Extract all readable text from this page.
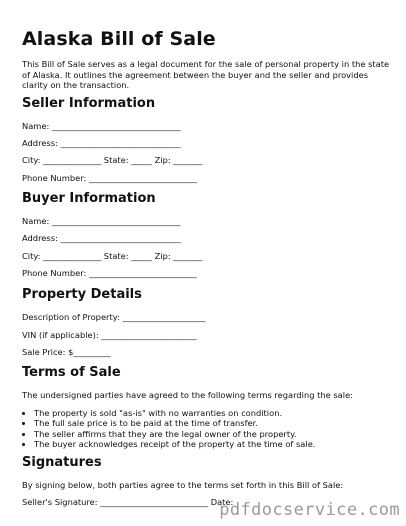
Alaska Bill of Sale

This Bill of Sale serves as a legal document for the sale of personal property in the state of Alaska. It outlines the agreement between the buyer and the seller and provides clarity on the transaction.

Seller Information

Name: _______________________________

Address: _____________________________

City: ______________ State: _____ Zip: _______

Phone Number: __________________________

Buyer Information

Name: _______________________________

Address: _____________________________

City: ______________ State: _____ Zip: _______

Phone Number: __________________________

Property Details

Description of Property: ____________________

VIN (if applicable): _______________________

Sale Price: $_________

Terms of Sale

The undersigned parties have agreed to the following terms regarding the sale:

• The property is sold "as-is" with no warranties on condition.
• The full sale price is to be paid at the time of transfer.
• The seller affirms that they are the legal owner of the property.
• The buyer acknowledges receipt of the property at the time of sale.
Signatures

By signing below, both parties agree to the terms set forth in this Bill of Sale:

Seller's Signature: __________________________ Date:

pdfdocservice.com
